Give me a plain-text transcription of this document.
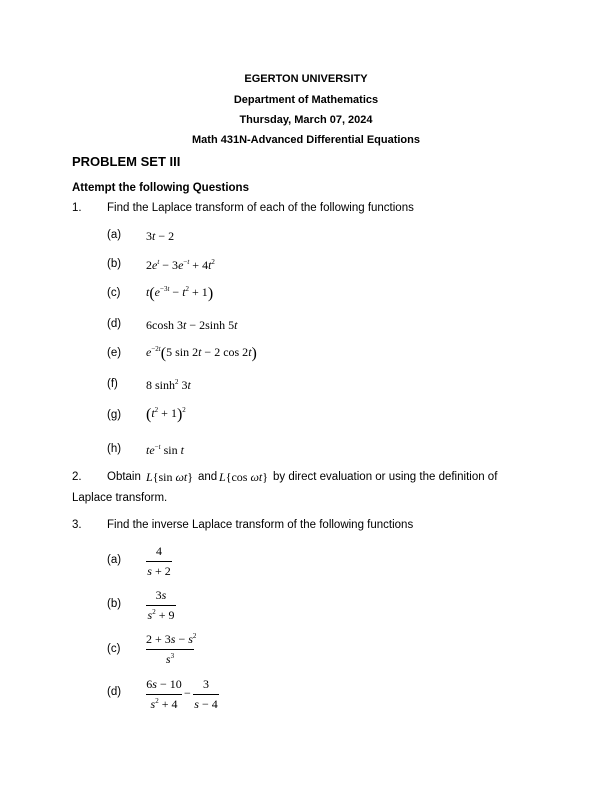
EGERTON UNIVERSITY
Department of Mathematics
Thursday, March 07, 2024
Math 431N-Advanced Differential Equations
PROBLEM SET III
Attempt the following Questions
1. Find the Laplace transform of each of the following functions
(a) 3t − 2
(b) $2e^t - 3e^{-t} + 4t^2$
(c) $t(e^{-3t} - t^2 + 1)$
(d) 6cosh 3t − 2sinh 5t
(e) $e^{-2t}(5$ sin 2t − 2 cos 2t)
(f) 8 $\sinh^2 3t$
(g) $(t^2 + 1)^2$
(h) $te^{-t}$ sin t
2. Obtain L{sin ωt} and L{cos ωt} by direct evaluation or using the definition of
Laplace transform.
3. Find the inverse Laplace transform of the following functions
(a)
4
s + 2
(b)
3s
$s^2 + 9$
(c)
$2 + 3s - s^2$
$s^3$
(d)
6s − 10
$s^2 + 4$
−
3
s − 4
